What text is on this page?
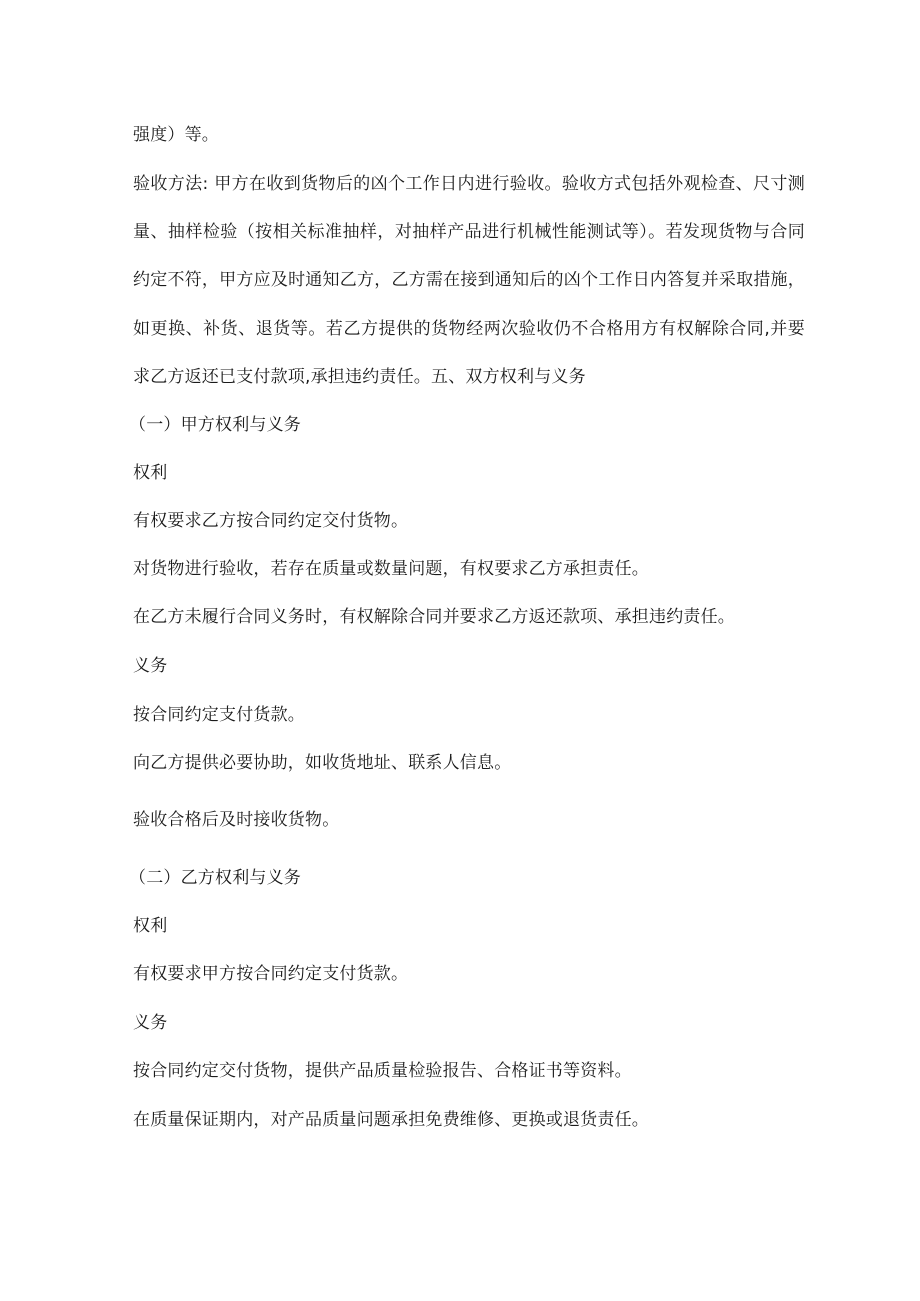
强度）等。
验收方法: 甲方在收到货物后的凶个工作日内进行验收。验收方式包括外观检查、尺寸测
量、抽样检验（按相关标准抽样，对抽样产品进行机械性能测试等）。若发现货物与合同
约定不符，甲方应及时通知乙方，乙方需在接到通知后的凶个工作日内答复并采取措施，
如更换、补货、退货等。若乙方提供的货物经两次验收仍不合格用方有权解除合同,并要
求乙方返还已支付款项,承担违约责任。五、双方权利与义务
（一）甲方权利与义务
权利
有权要求乙方按合同约定交付货物。
对货物进行验收，若存在质量或数量问题，有权要求乙方承担责任。
在乙方未履行合同义务时，有权解除合同并要求乙方返还款项、承担违约责任。
义务
按合同约定支付货款。
向乙方提供必要协助，如收货地址、联系人信息。
验收合格后及时接收货物。
（二）乙方权利与义务
权利
有权要求甲方按合同约定支付货款。
义务
按合同约定交付货物，提供产品质量检验报告、合格证书等资料。
在质量保证期内，对产品质量问题承担免费维修、更换或退货责任。
